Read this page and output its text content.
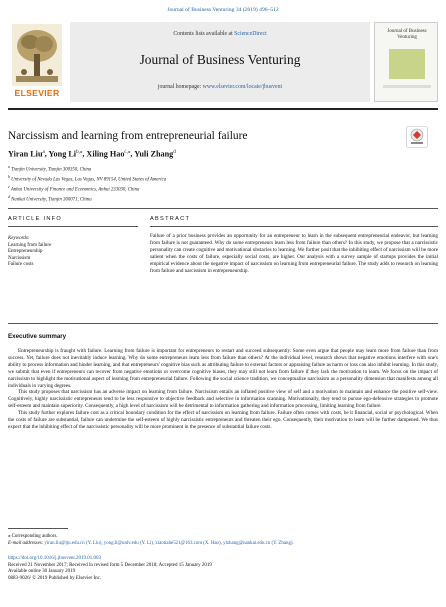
Journal of Business Venturing 34 (2019) 496–512
ELSEVIER
Contents lists available at ScienceDirect
Journal of Business Venturing
journal homepage: www.elsevier.com/locate/jbusvent
Journal of Business Venturing
Narcissism and learning from entrepreneurial failure
Yiran Liu$^a$, Yong $Li^{b,⁎}$, Xiling Hao$^{c,⁎}$, Yuli Zhang$^d$
$^a$ Tianjin University, Tianjin 300350, China
$^b$ University of Nevada Las Vegas, Las Vegas, NV 89154, United States of America
$^c$ Anhui University of Finance and Economics, Anhui 233030, China
$^d$ Nankai University, Tianjin 300071, China
ARTICLE INFO	ABSTRACT
Keywords:
Learning from failure
Entrepreneurship
Narcissism
Failure costs
Failure of a prior business provides an opportunity for an entrepreneur to learn in the subsequent entrepreneurial endeavor, but learning from failure is not guaranteed. Why do some entrepreneurs learn less from failure than others? In this study, we propose that a narcissistic personality can create cognitive and motivational obstacles to learning. We further posit that the inhibiting effect of narcissism will be more salient when the costs of failure, especially social costs, are higher. Our analysis with a survey sample of startups provides the initial empirical evidence about the negative impact of narcissism on learning from entrepreneurial failure. The study adds to research on learning from failure and narcissism in entrepreneurship.
Executive summary

Entrepreneurship is fraught with failure. Learning from failure is important for entrepreneurs to restart and succeed subsequently. Some even argue that people may learn more from failure than from success. Yet, failure does not inevitably induce learning. Why do some entrepreneurs learn less from failure than others? At the individual level, research shows that negative emotions interfere with one's ability to process information and hinder learning, and that entrepreneurs' cognitive bias such as attributing failure to external factors or appraising failure as harm or loss can also inhibit learning. In this study, we submit that even if entrepreneurs can recover from negative emotions or overcome cognitive biases, they may still not learn from failure if they lack the motivation to learn. We focus on the impact of narcissism to highlight the motivational aspect of learning from entrepreneurial failure. Following the social science tradition, we conceptualize narcissism as a personality dimension that manifests among all individuals in varying degrees.

This study proposes that narcissism has an adverse impact on learning from failure. Narcissism entails an inflated positive view of self and a motivation to maintain and enhance the positive self-view. Cognitively, highly narcissistic entrepreneurs tend to be less responsive to objective feedback and selective in information scanning. Motivationally, they tend to pursue ego-defensive strategies to promote self-esteem and maintain superiority. Consequently, a high level of narcissism will be detrimental to information gathering and information processing, limiting learning from failure.

This study further explores failure cost as a critical boundary condition for the effect of narcissism on learning from failure. Failure often comes with costs, be it financial, social or psychological. When the costs of failure are substantial, failure can undermine the self-esteem of highly narcissistic entrepreneurs and threaten their ego. Consequently, their motivation to learn will be further dampened. We thus expect that the inhibiting effect of the narcissistic personality will be more prominent in the presence of substantial failure costs.

⁎ Corresponding authors.
E-mail addresses: yiran.liu@tju.edu.cn (Y. Liu), yong.li@unlv.edu (Y. Li), xiaotiahe521@163.com (X. Hao), ylzhang@nankai.edu.cn (Y. Zhang).
https://doi.org/10.1016/j.jbusvent.2019.01.003
Received 21 November 2017; Received in revised form 5 December 2018; Accepted 15 January 2019
Available online 30 January 2019
0883-9026/ © 2019 Published by Elsevier Inc.
